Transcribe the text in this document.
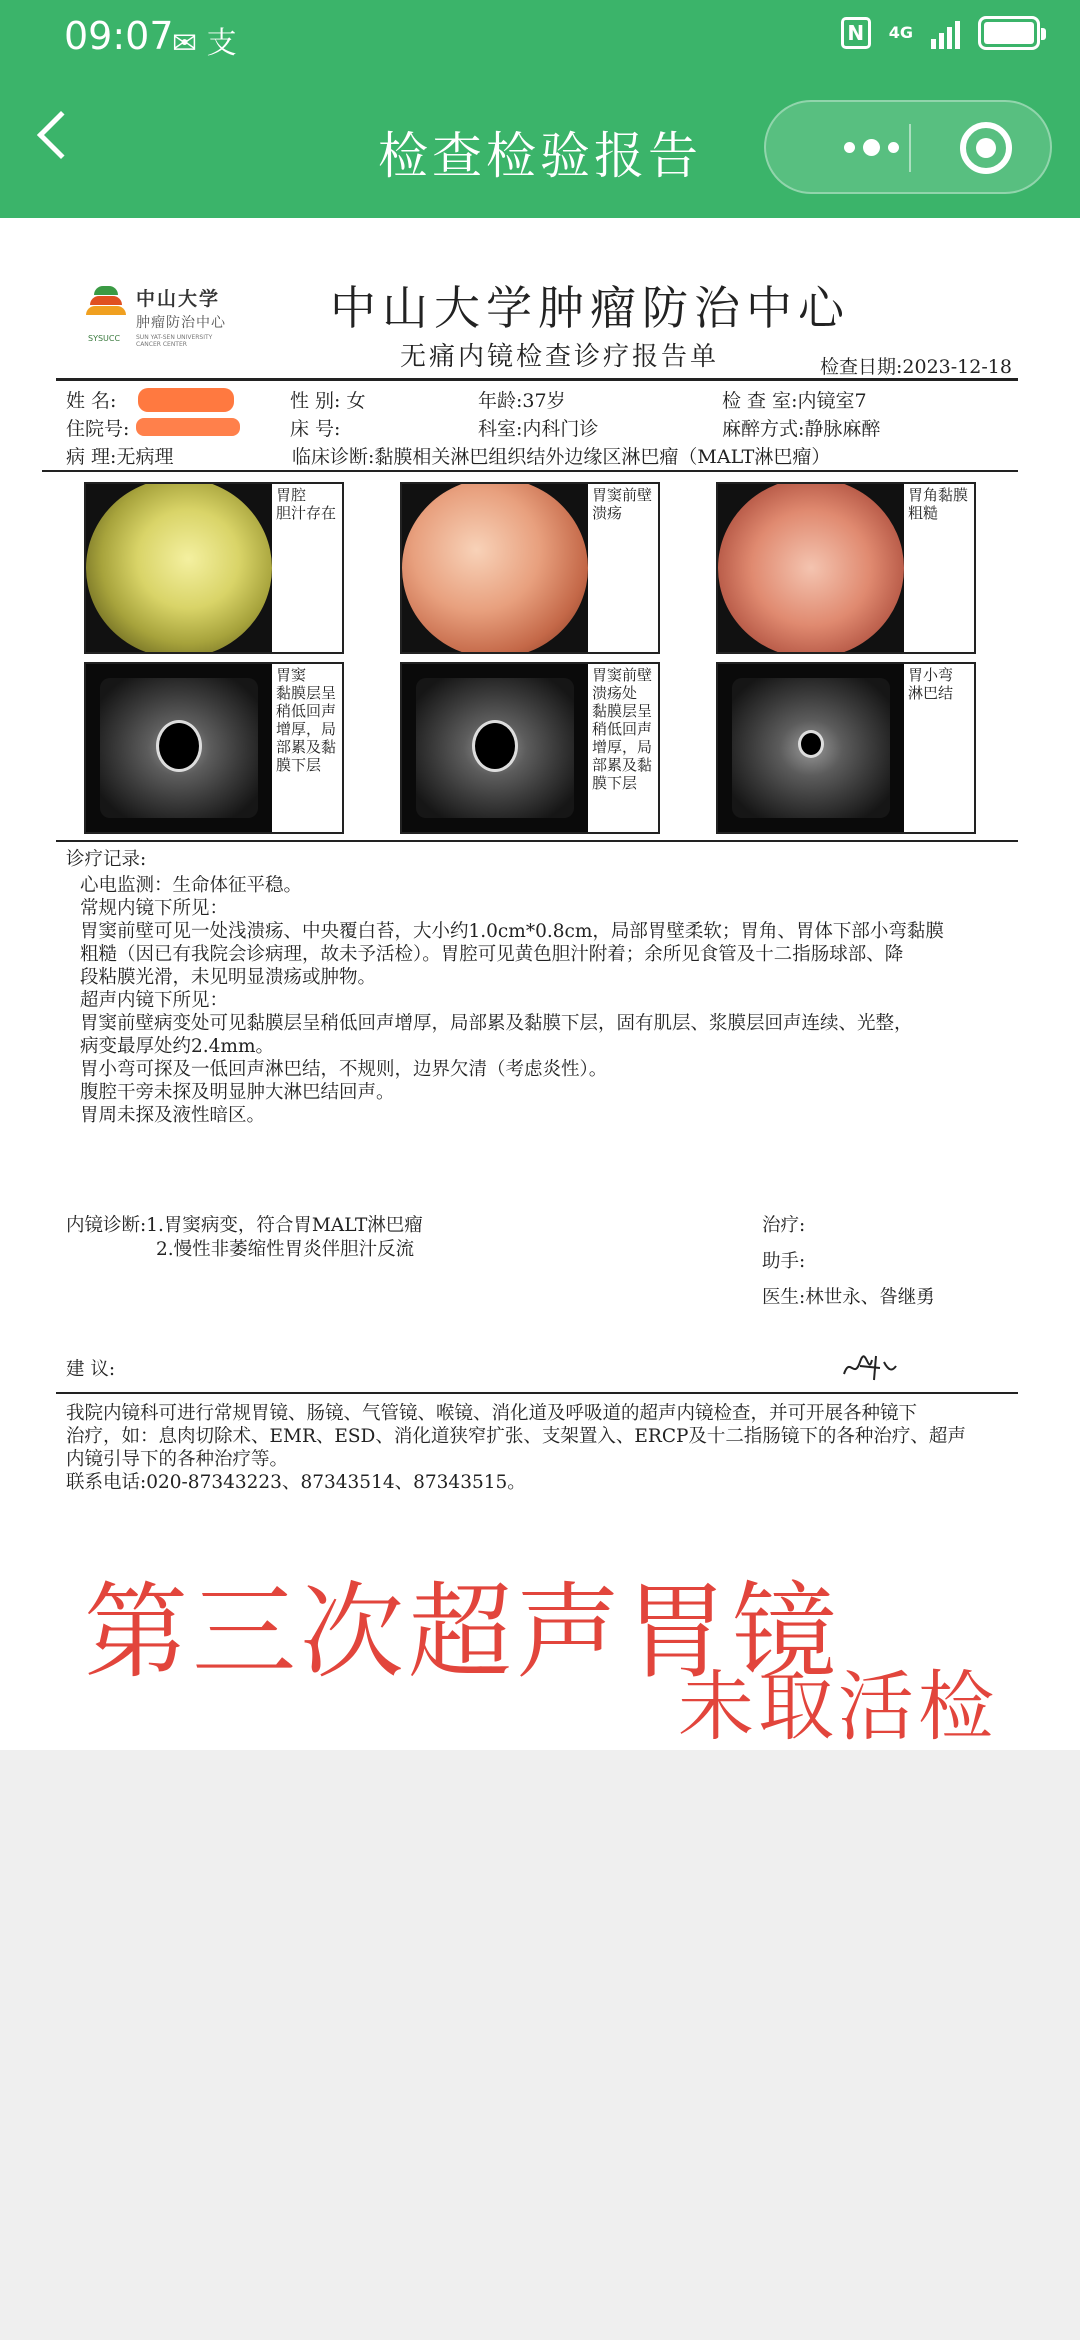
09:07
✉ 支	N	4G
检查检验报告
中山大学
肿瘤防治中心
SYSUCC	SUN YAT-SEN UNIVERSITY CANCER CENTER
中山大学肿瘤防治中心
无痛内镜检查诊疗报告单	检查日期:2023-12-18
姓 名:	性 别: 女	年龄:37岁	检 查 室:内镜室7
住院号:	床 号:	科室:内科门诊	麻醉方式:静脉麻醉
病 理:无病理	临床诊断:黏膜相关淋巴组织结外边缘区淋巴瘤（MALT淋巴瘤）
胃腔
胆汁存在
胃窦前壁
溃疡
胃角黏膜
粗糙
胃窦
黏膜层呈
稍低回声
增厚，局
部累及黏
膜下层
胃窦前壁
溃疡处
黏膜层呈
稍低回声
增厚，局
部累及黏
膜下层
胃小弯
淋巴结
诊疗记录:
心电监测：生命体征平稳。
常规内镜下所见：
胃窦前壁可见一处浅溃疡、中央覆白苔，大小约1.0cm*0.8cm，局部胃壁柔软；胃角、胃体下部小弯黏膜
粗糙（因已有我院会诊病理，故未予活检）。胃腔可见黄色胆汁附着；余所见食管及十二指肠球部、降
段粘膜光滑，未见明显溃疡或肿物。
超声内镜下所见：
胃窦前壁病变处可见黏膜层呈稍低回声增厚，局部累及黏膜下层，固有肌层、浆膜层回声连续、光整，
病变最厚处约2.4mm。
胃小弯可探及一低回声淋巴结，不规则，边界欠清（考虑炎性）。
腹腔干旁未探及明显肿大淋巴结回声。
胃周未探及液性暗区。
内镜诊断:1.胃窦病变，符合胃MALT淋巴瘤
2.慢性非萎缩性胃炎伴胆汁反流
治疗:
助手:
医生:林世永、昝继勇
建 议:
我院内镜科可进行常规胃镜、肠镜、气管镜、喉镜、消化道及呼吸道的超声内镜检查，并可开展各种镜下
治疗，如：息肉切除术、EMR、ESD、消化道狭窄扩张、支架置入、ERCP及十二指肠镜下的各种治疗、超声
内镜引导下的各种治疗等。
联系电话:020-87343223、87343514、87343515。
第三次超声胃镜
未取活检
